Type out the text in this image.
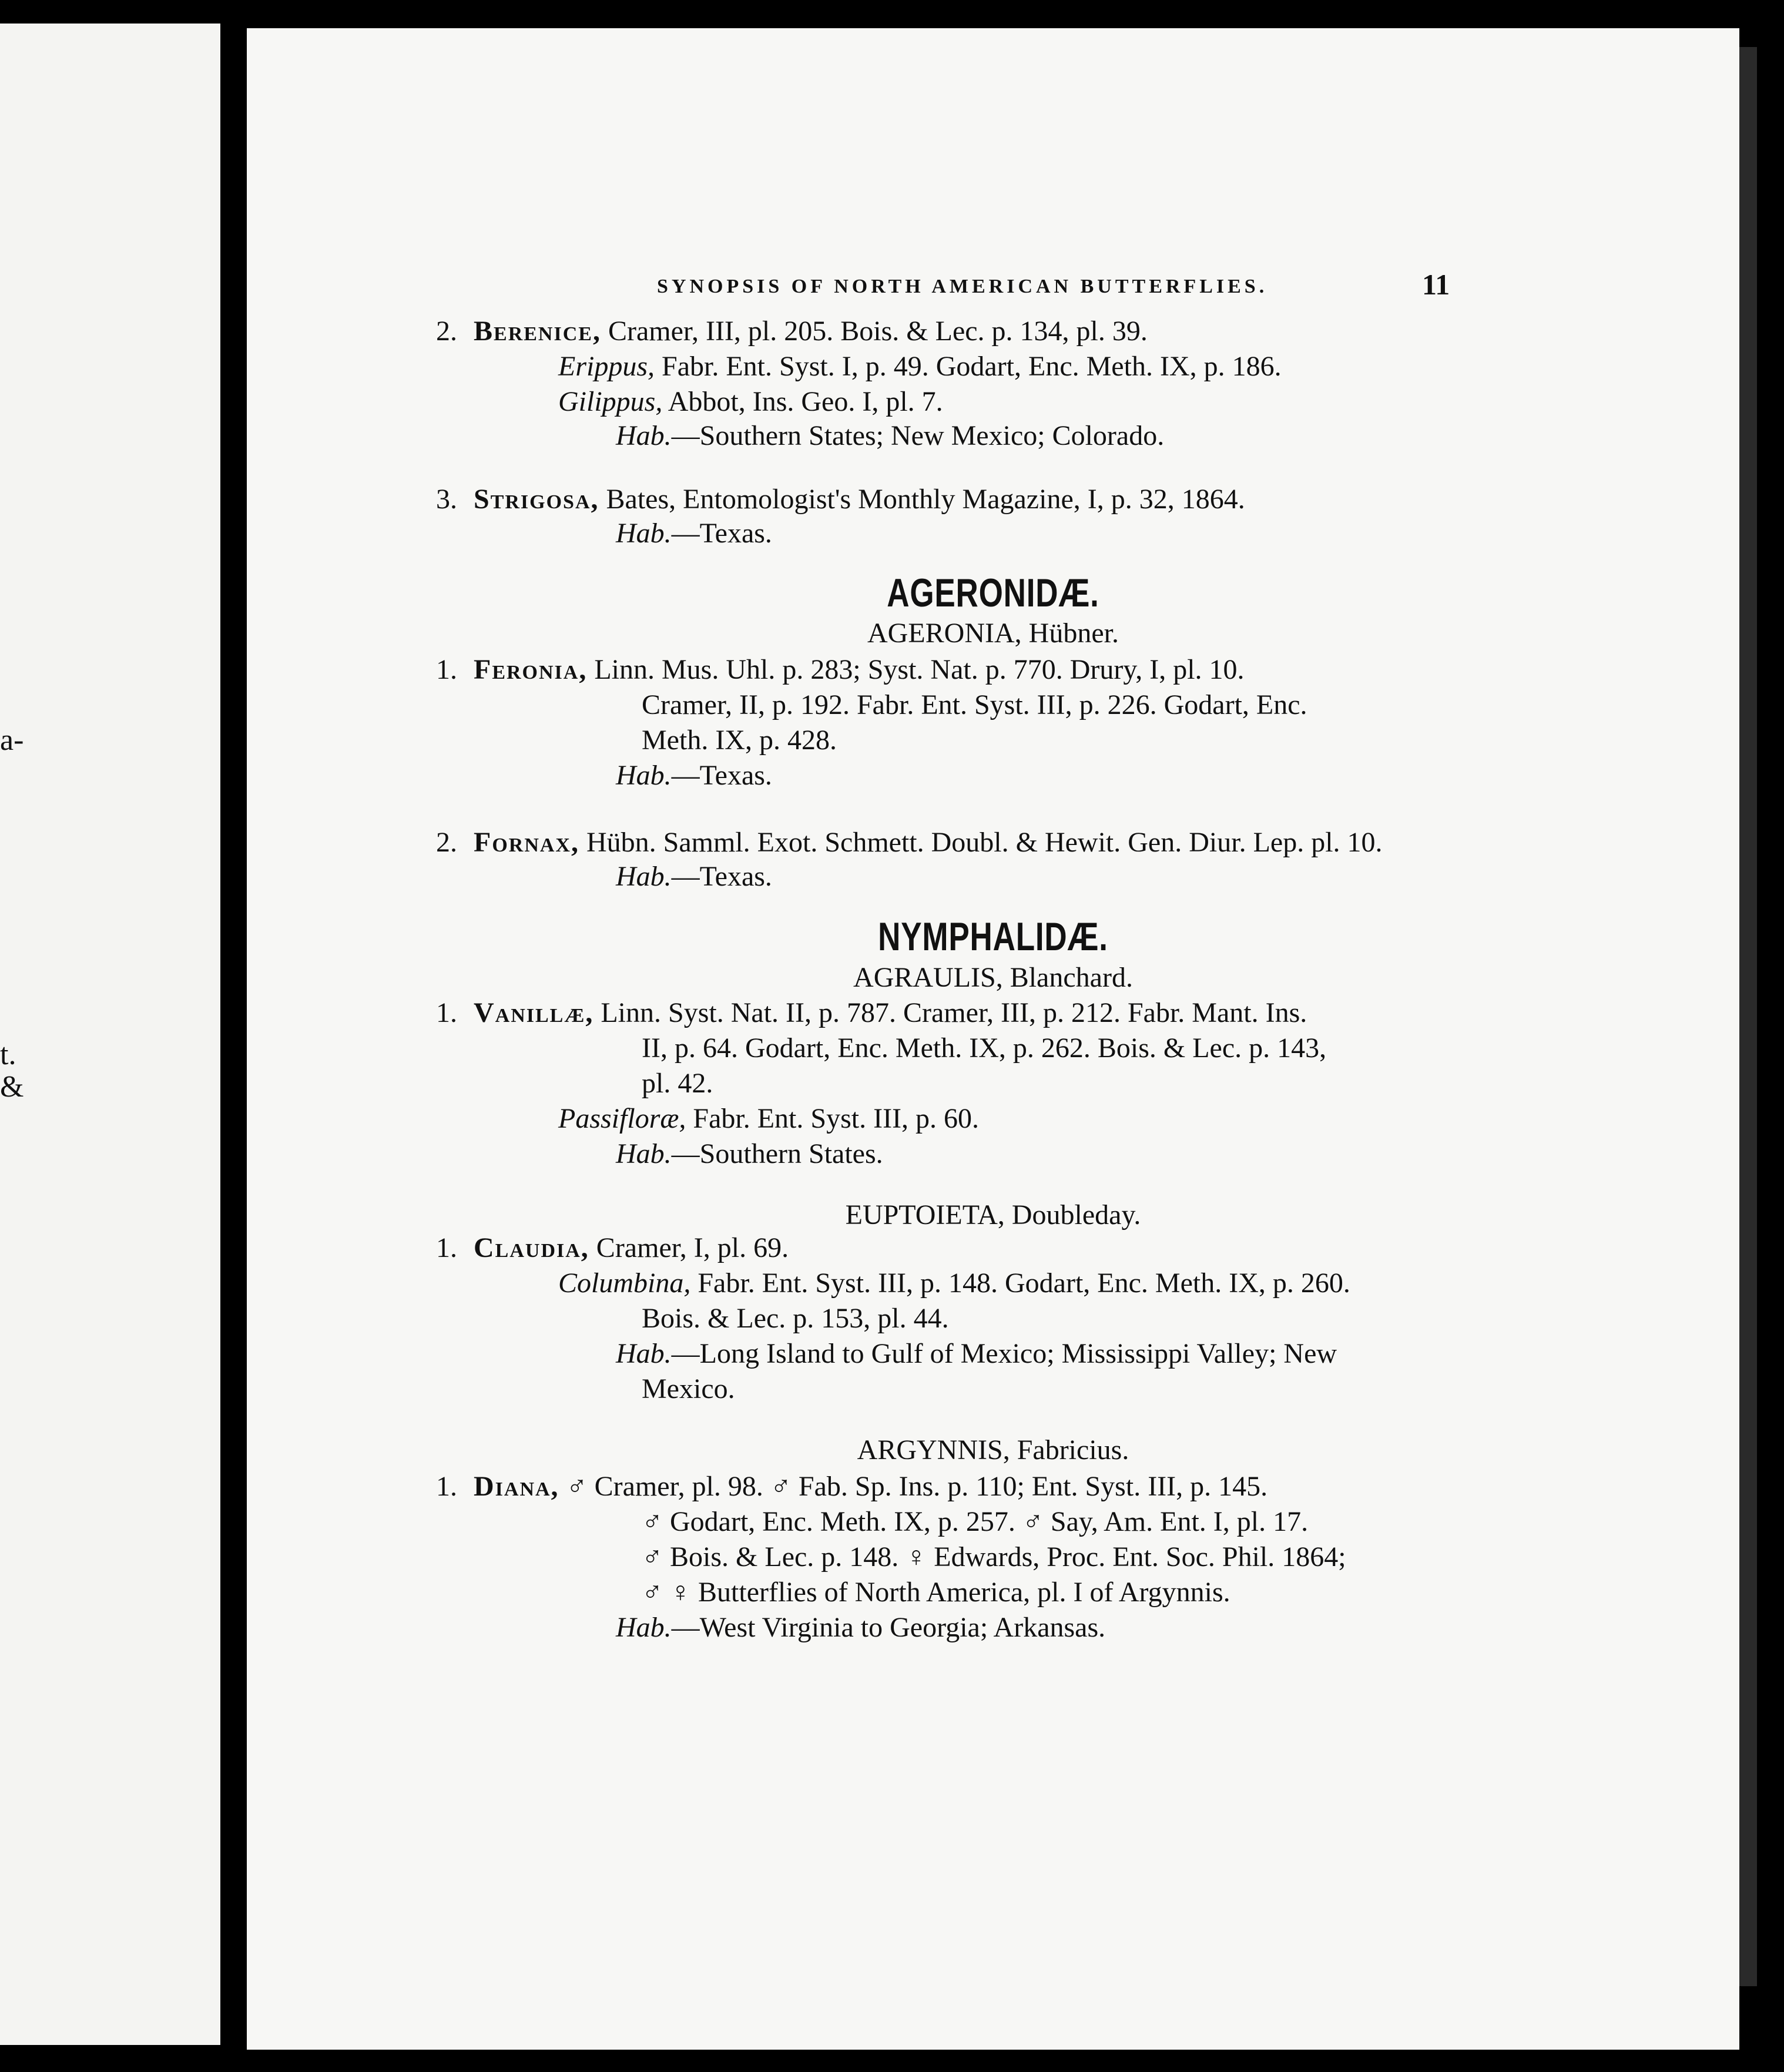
a-
t.
&
SYNOPSIS OF NORTH AMERICAN BUTTERFLIES.	11
2. Berenice, Cramer, III, pl. 205. Bois. & Lec. p. 134, pl. 39.
Erippus, Fabr. Ent. Syst. I, p. 49. Godart, Enc. Meth. IX, p. 186.
Gilippus, Abbot, Ins. Geo. I, pl. 7.
Hab.—Southern States; New Mexico; Colorado.
3. Strigosa, Bates, Entomologist's Monthly Magazine, I, p. 32, 1864.
Hab.—Texas.
AGERONIDÆ.
AGERONIA, Hübner.
1. Feronia, Linn. Mus. Uhl. p. 283; Syst. Nat. p. 770. Drury, I, pl. 10.
Cramer, II, p. 192. Fabr. Ent. Syst. III, p. 226. Godart, Enc.
Meth. IX, p. 428.
Hab.—Texas.
2. Fornax, Hübn. Samml. Exot. Schmett. Doubl. & Hewit. Gen. Diur. Lep. pl. 10.
Hab.—Texas.
NYMPHALIDÆ.
AGRAULIS, Blanchard.
1. Vanillæ, Linn. Syst. Nat. II, p. 787. Cramer, III, p. 212. Fabr. Mant. Ins.
II, p. 64. Godart, Enc. Meth. IX, p. 262. Bois. & Lec. p. 143,
pl. 42.
Passifloræ, Fabr. Ent. Syst. III, p. 60.
Hab.—Southern States.
EUPTOIETA, Doubleday.
1. Claudia, Cramer, I, pl. 69.
Columbina, Fabr. Ent. Syst. III, p. 148. Godart, Enc. Meth. IX, p. 260.
Bois. & Lec. p. 153, pl. 44.
Hab.—Long Island to Gulf of Mexico; Mississippi Valley; New
Mexico.
ARGYNNIS, Fabricius.
1. Diana, ♂ Cramer, pl. 98. ♂ Fab. Sp. Ins. p. 110; Ent. Syst. III, p. 145.
♂ Godart, Enc. Meth. IX, p. 257. ♂ Say, Am. Ent. I, pl. 17.
♂ Bois. & Lec. p. 148. ♀ Edwards, Proc. Ent. Soc. Phil. 1864;
♂ ♀ Butterflies of North America, pl. I of Argynnis.
Hab.—West Virginia to Georgia; Arkansas.
